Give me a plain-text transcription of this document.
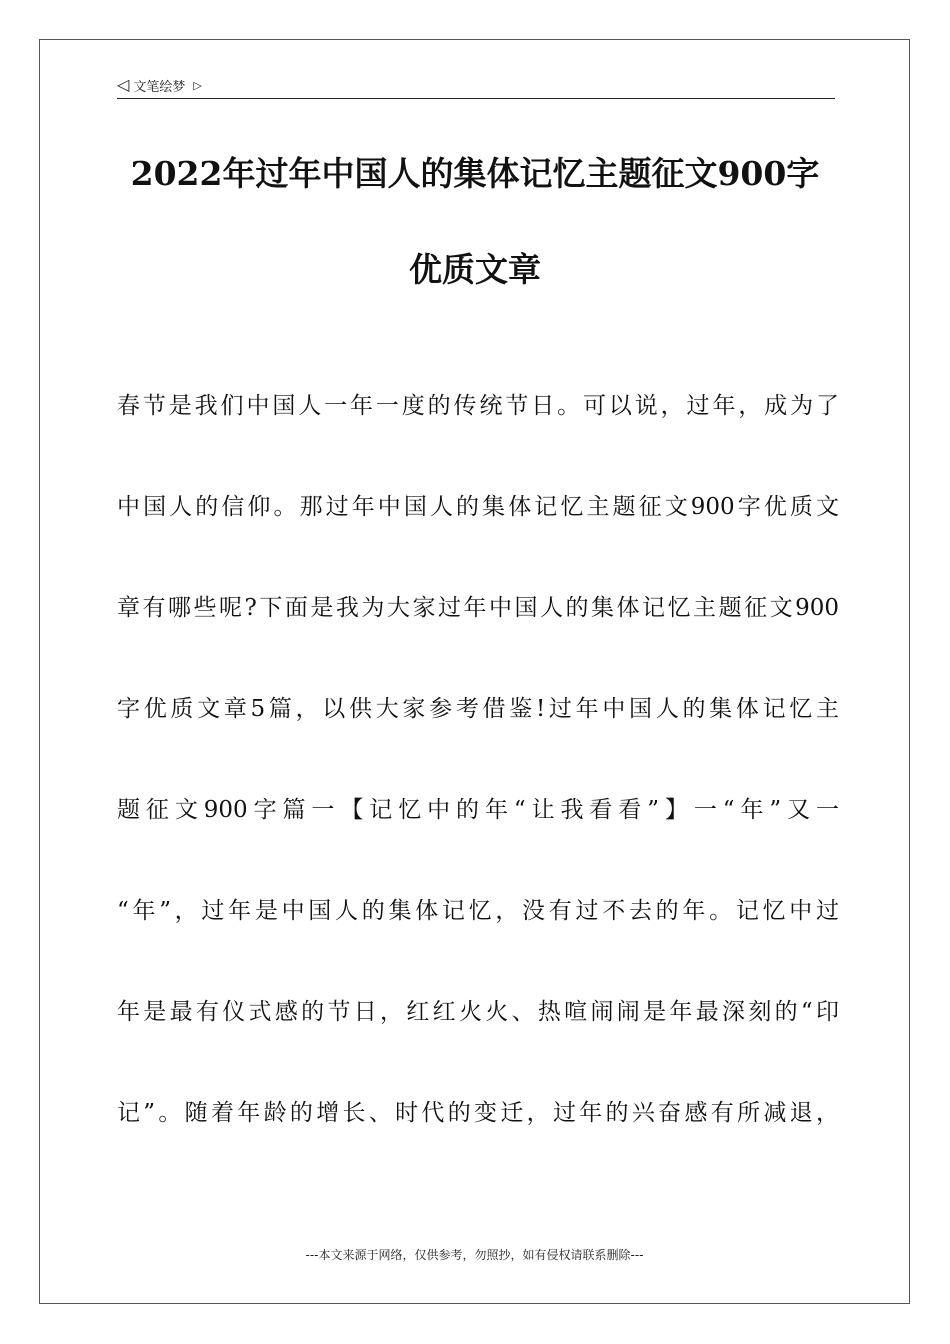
◁ 文笔绘梦 ▷
2022年过年中国人的集体记忆主题征文900字
优质文章
春节是我们中国人一年一度的传统节日。可以说，过年，成为了
中国人的信仰。那过年中国人的集体记忆主题征文900字优质文
章有哪些呢?下面是我为大家过年中国人的集体记忆主题征文900
字优质文章5篇，以供大家参考借鉴!过年中国人的集体记忆主
题征文900字篇一【记忆中的年“让我看看”】一“年”又一
“年”，过年是中国人的集体记忆，没有过不去的年。记忆中过
年是最有仪式感的节日，红红火火、热喧闹闹是年最深刻的“印
记”。随着年龄的增长、时代的变迁，过年的兴奋感有所减退，
---本文来源于网络，仅供参考，勿照抄，如有侵权请联系删除---
